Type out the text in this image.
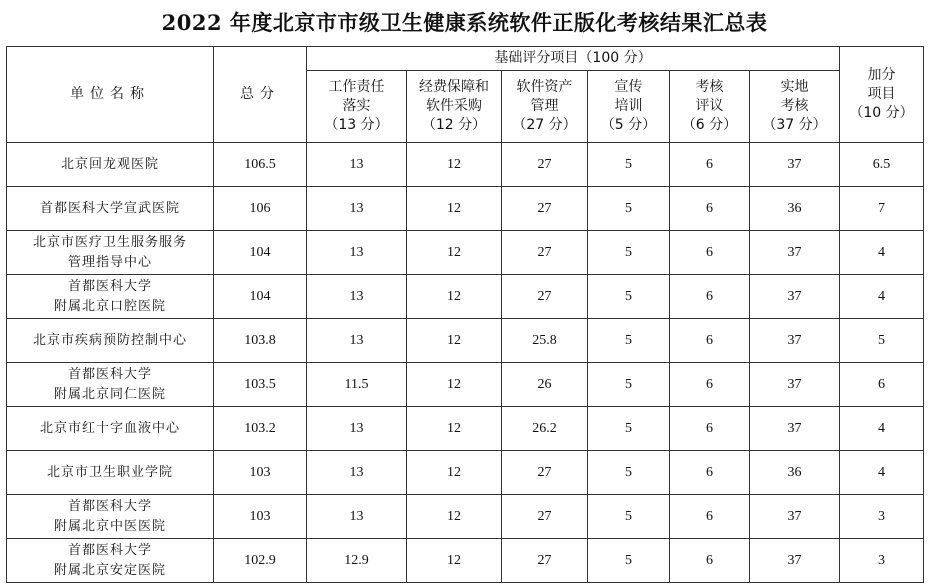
2022 年度北京市市级卫生健康系统软件正版化考核结果汇总表
单位名称	总分	基础评分项目（100 分）						加分
项目
（10 分）
		工作责任
落实
（13 分）	经费保障和
软件采购
（12 分）	软件资产
管理
（27 分）	宣传
培训
（5 分）	考核
评议
（6 分）	实地
考核
（37 分）	
北京回龙观医院	106.5	13	12	27	5	6	37	6.5
首都医科大学宣武医院	106	13	12	27	5	6	36	7
北京市医疗卫生服务服务
管理指导中心	104	13	12	27	5	6	37	4
首都医科大学
附属北京口腔医院	104	13	12	27	5	6	37	4
北京市疾病预防控制中心	103.8	13	12	25.8	5	6	37	5
首都医科大学
附属北京同仁医院	103.5	11.5	12	26	5	6	37	6
北京市红十字血液中心	103.2	13	12	26.2	5	6	37	4
北京市卫生职业学院	103	13	12	27	5	6	36	4
首都医科大学
附属北京中医医院	103	13	12	27	5	6	37	3
首都医科大学
附属北京安定医院	102.9	12.9	12	27	5	6	37	3
